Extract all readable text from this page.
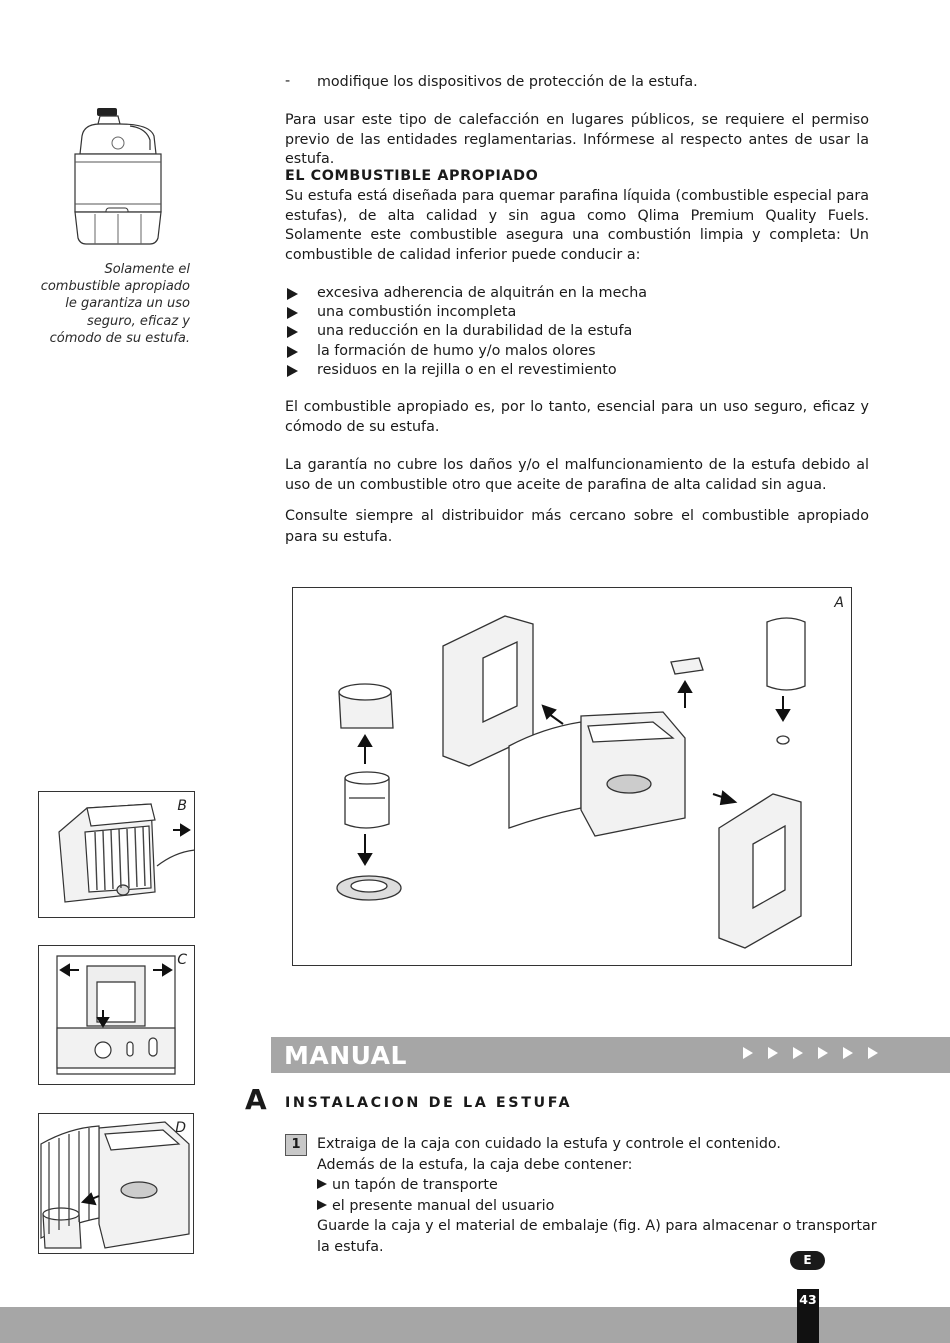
-	modifique los dispositivos de protección de la estufa.

Para usar este tipo de calefacción en lugares públicos, se requiere el permiso previo de las entidades reglamentarias. Infórmese al respecto antes de usar la estufa.

EL COMBUSTIBLE APROPIADO

Su estufa está diseñada para quemar parafina líquida (combustible especial para estufas), de alta calidad y sin agua como Qlima Premium Quality Fuels. Solamente este combustible asegura una combustión limpia y completa: Un combustible de calidad inferior puede conducir a:

excesiva adherencia de alquitrán en la mecha
una combustión incompleta
una reducción en la durabilidad de la estufa
la formación de humo y/o malos olores
residuos en la rejilla o en el revestimiento

El combustible apropiado es, por lo tanto, esencial para un uso seguro, eficaz y cómodo de su estufa.

La garantía no cubre los daños y/o el malfuncionamiento de la estufa debido al uso de un combustible otro que aceite de parafina de alta calidad sin agua.

Consulte siempre al distribuidor más cercano sobre el combustible apropiado para su estufa.

Solamente el combustible apropiado le garantiza un uso seguro, eficaz y cómodo de su estufa.

A
B
C
D
MANUAL
A INSTALACION DE LA ESTUFA
1	Extraiga de la caja con cuidado la estufa y controle el contenido.
Además de la estufa, la caja debe contener:
un tapón de transporte
el presente manual del usuario
Guarde la caja y el material de embalaje (fig. A) para almacenar o transportar la estufa.
E
43
